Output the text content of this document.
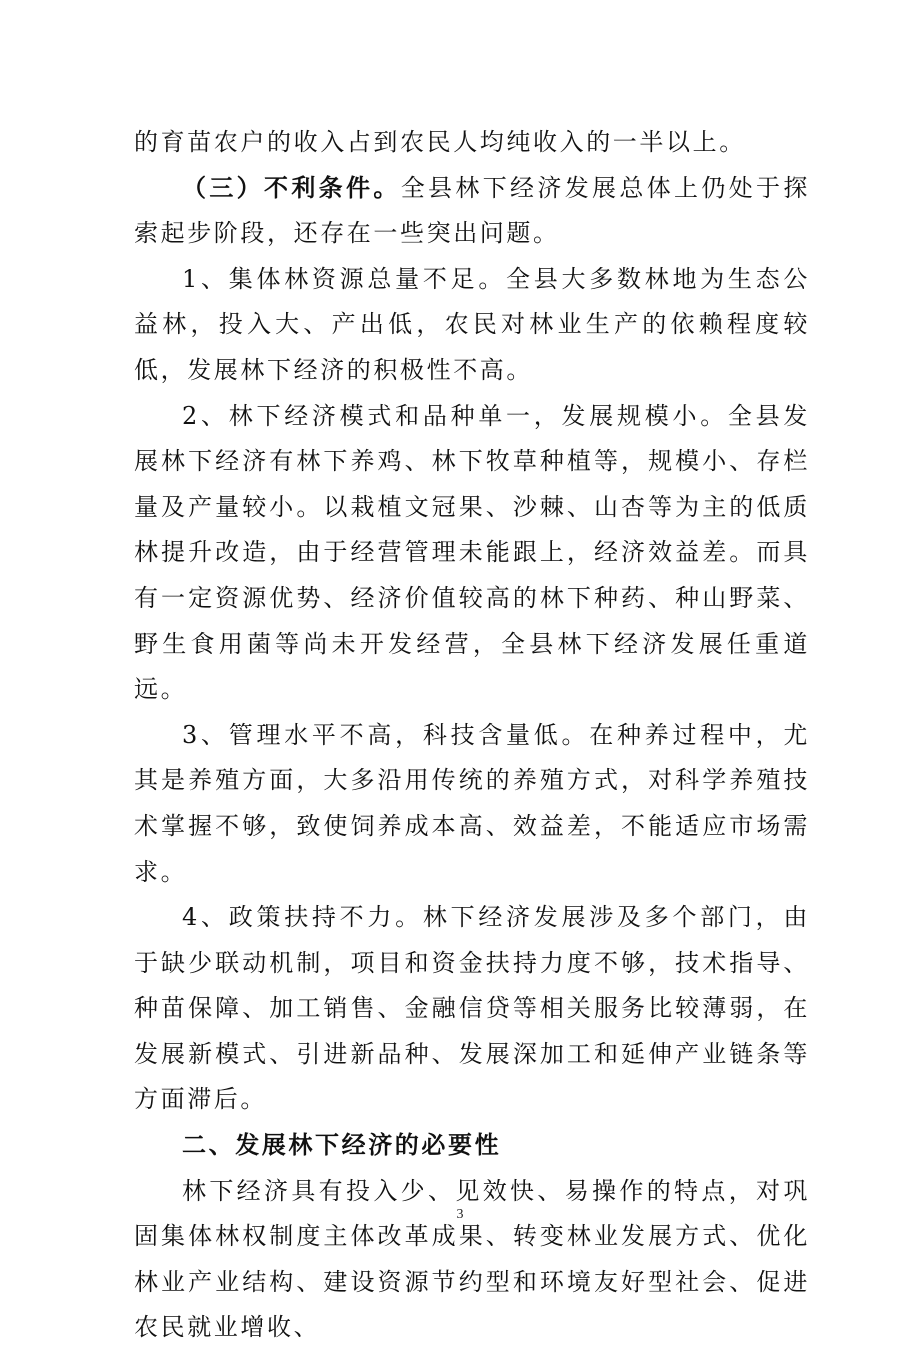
的育苗农户的收入占到农民人均纯收入的一半以上。

（三）不利条件。全县林下经济发展总体上仍处于探索起步阶段，还存在一些突出问题。

1、集体林资源总量不足。全县大多数林地为生态公益林，投入大、产出低，农民对林业生产的依赖程度较低，发展林下经济的积极性不高。

2、林下经济模式和品种单一，发展规模小。全县发展林下经济有林下养鸡、林下牧草种植等，规模小、存栏量及产量较小。以栽植文冠果、沙棘、山杏等为主的低质林提升改造，由于经营管理未能跟上，经济效益差。而具有一定资源优势、经济价值较高的林下种药、种山野菜、野生食用菌等尚未开发经营，全县林下经济发展任重道远。

3、管理水平不高，科技含量低。在种养过程中，尤其是养殖方面，大多沿用传统的养殖方式，对科学养殖技术掌握不够，致使饲养成本高、效益差，不能适应市场需求。

4、政策扶持不力。林下经济发展涉及多个部门，由于缺少联动机制，项目和资金扶持力度不够，技术指导、种苗保障、加工销售、金融信贷等相关服务比较薄弱，在发展新模式、引进新品种、发展深加工和延伸产业链条等方面滞后。

二、发展林下经济的必要性

林下经济具有投入少、见效快、易操作的特点，对巩固集体林权制度主体改革成果、转变林业发展方式、优化林业产业结构、建设资源节约型和环境友好型社会、促进农民就业增收、

3
